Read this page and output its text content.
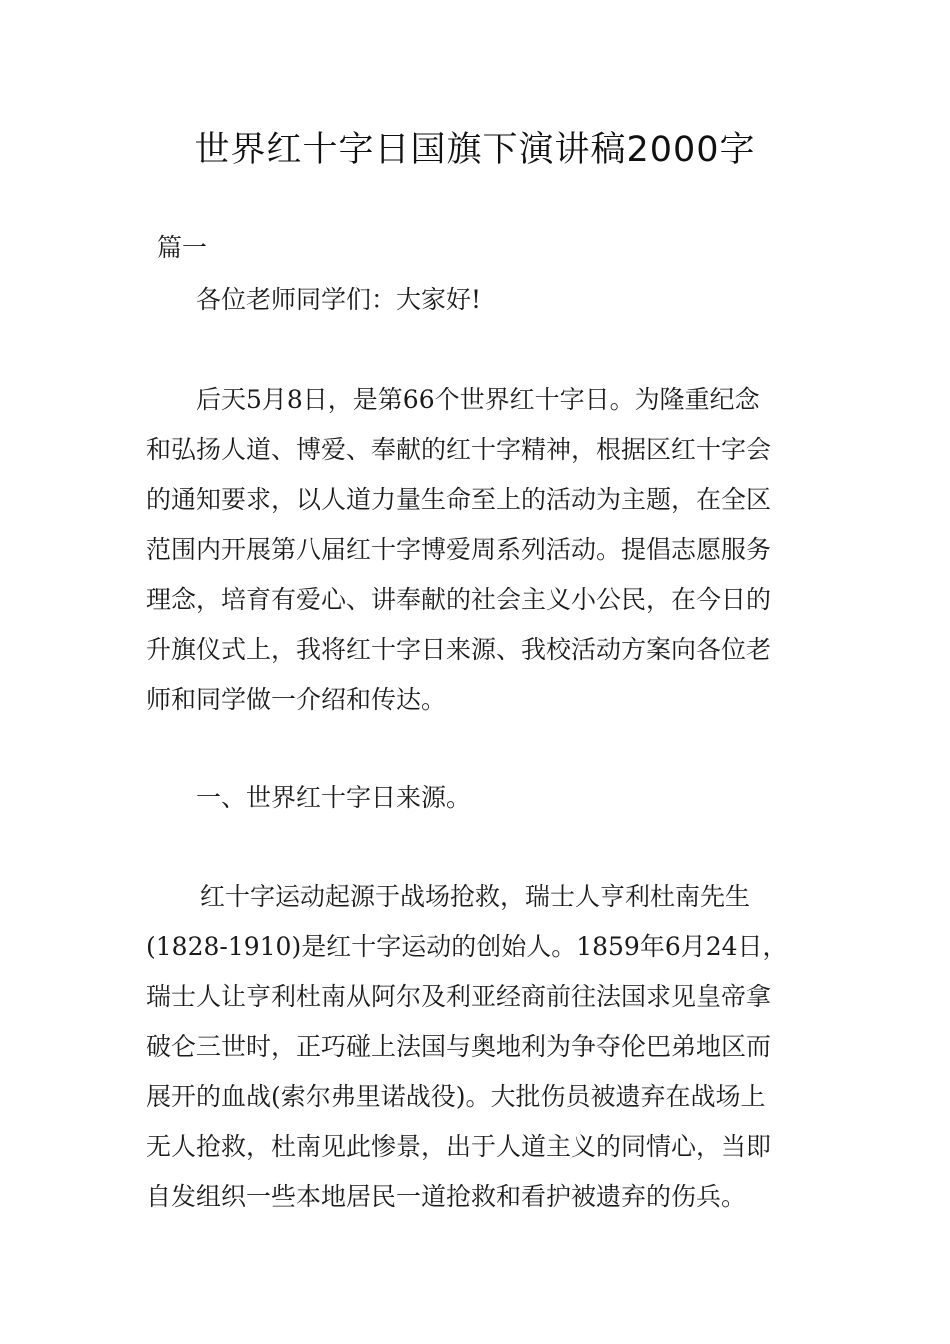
世界红十字日国旗下演讲稿2000字
篇一
各位老师同学们：大家好!
后天5月8日，是第66个世界红十字日。为隆重纪念
和弘扬人道、博爱、奉献的红十字精神，根据区红十字会
的通知要求，以人道力量生命至上的活动为主题，在全区
范围内开展第八届红十字博爱周系列活动。提倡志愿服务
理念，培育有爱心、讲奉献的社会主义小公民，在今日的
升旗仪式上，我将红十字日来源、我校活动方案向各位老
师和同学做一介绍和传达。
一、世界红十字日来源。
红十字运动起源于战场抢救，瑞士人亨利杜南先生
(1828-1910)是红十字运动的创始人。1859年6月24日，
瑞士人让亨利杜南从阿尔及利亚经商前往法国求见皇帝拿
破仑三世时，正巧碰上法国与奥地利为争夺伦巴弟地区而
展开的血战(索尔弗里诺战役)。大批伤员被遗弃在战场上
无人抢救，杜南见此惨景，出于人道主义的同情心，当即
自发组织一些本地居民一道抢救和看护被遗弃的伤兵。
